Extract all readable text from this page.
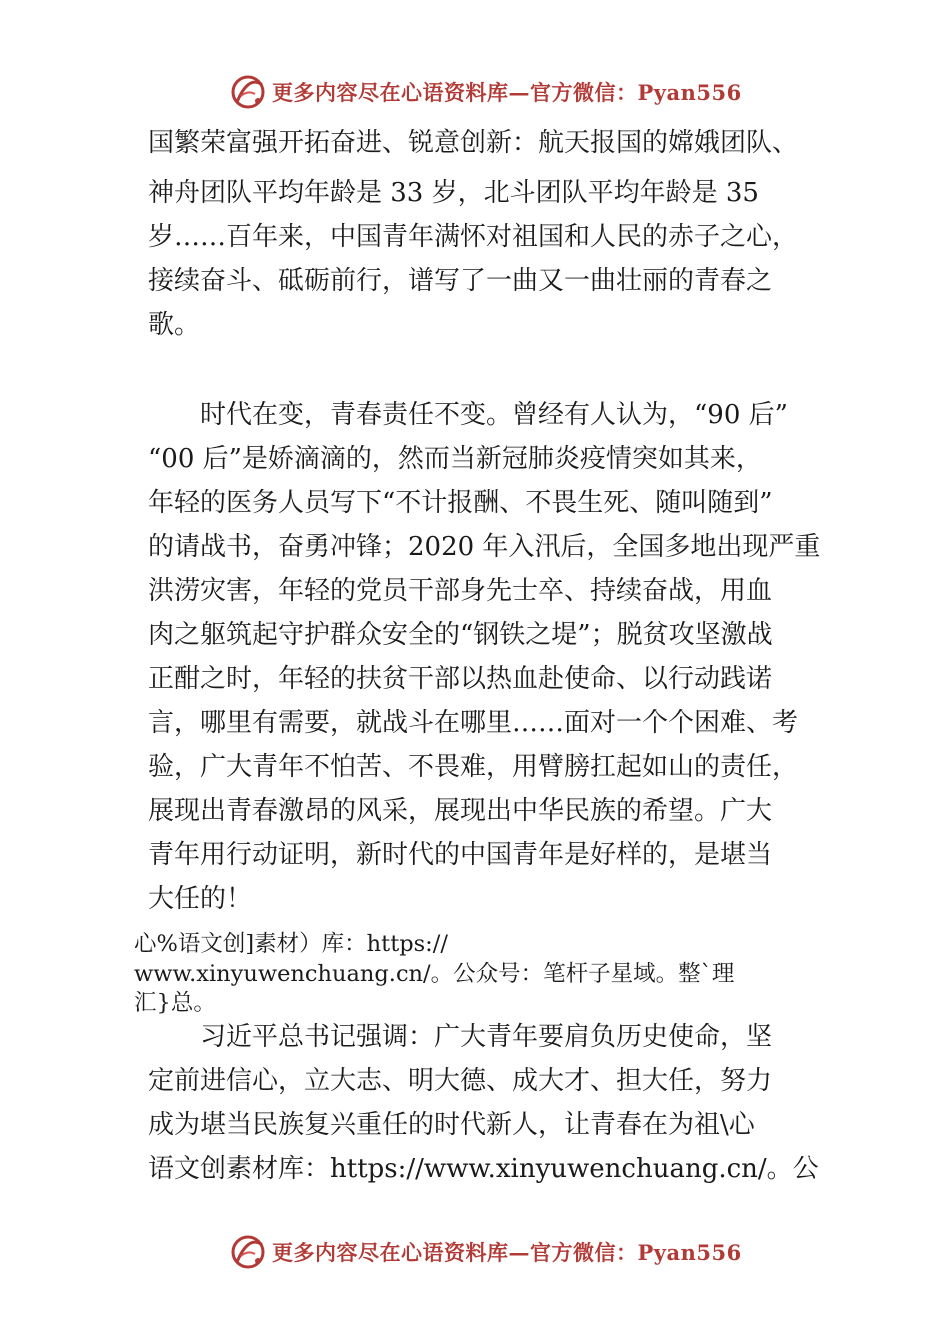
更多内容尽在心语资料库—官方微信：Pyan556
国繁荣富强开拓奋进、锐意创新：航天报国的嫦娥团队、
神舟团队平均年龄是 33 岁，北斗团队平均年龄是 35
岁……百年来，中国青年满怀对祖国和人民的赤子之心，
接续奋斗、砥砺前行，谱写了一曲又一曲壮丽的青春之
歌。
　　时代在变，青春责任不变。曾经有人认为，“90 后”
“00 后”是娇滴滴的，然而当新冠肺炎疫情突如其来，
年轻的医务人员写下“不计报酬、不畏生死、随叫随到”
的请战书，奋勇冲锋；2020 年入汛后，全国多地出现严重
洪涝灾害，年轻的党员干部身先士卒、持续奋战，用血
肉之躯筑起守护群众安全的“钢铁之堤”；脱贫攻坚激战
正酣之时，年轻的扶贫干部以热血赴使命、以行动践诺
言，哪里有需要，就战斗在哪里……面对一个个困难、考
验，广大青年不怕苦、不畏难，用臂膀扛起如山的责任，
展现出青春激昂的风采，展现出中华民族的希望。广大
青年用行动证明，新时代的中国青年是好样的，是堪当
大任的！
心%语文创]素材）库：https://
www.xinyuwenchuang.cn/。公众号：笔杆子星域。整`理
汇}总。
　　习近平总书记强调：广大青年要肩负历史使命，坚
定前进信心，立大志、明大德、成大才、担大任，努力
成为堪当民族复兴重任的时代新人，让青春在为祖\心
语文创素材库：https://www.xinyuwenchuang.cn/。公
更多内容尽在心语资料库—官方微信：Pyan556
